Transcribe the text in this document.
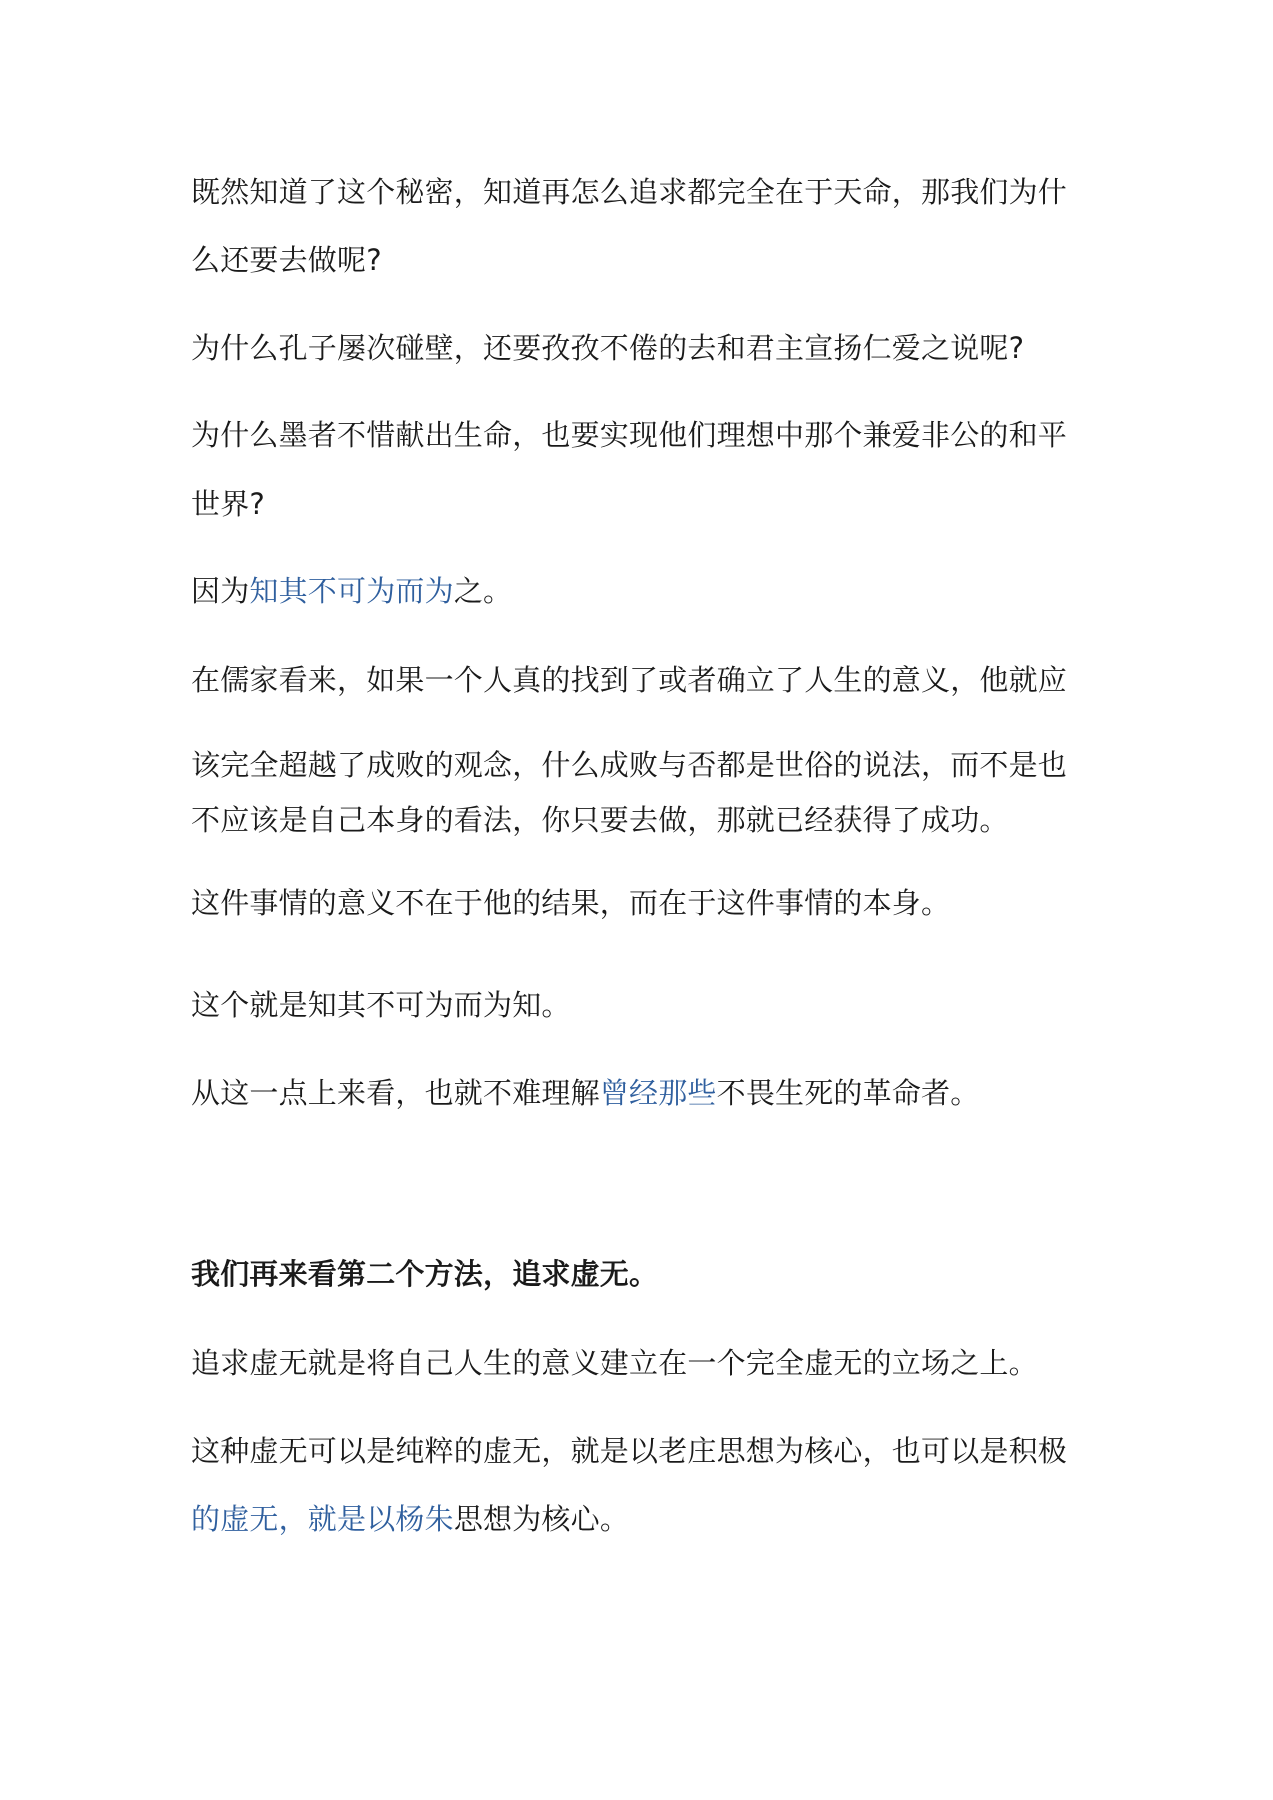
既然知道了这个秘密，知道再怎么追求都完全在于天命，那我们为什
么还要去做呢?
为什么孔子屡次碰壁，还要孜孜不倦的去和君主宣扬仁爱之说呢?
为什么墨者不惜献出生命，也要实现他们理想中那个兼爱非公的和平
世界?
因为知其不可为而为之。
在儒家看来，如果一个人真的找到了或者确立了人生的意义，他就应
该完全超越了成败的观念，什么成败与否都是世俗的说法，而不是也
不应该是自己本身的看法，你只要去做，那就已经获得了成功。
这件事情的意义不在于他的结果，而在于这件事情的本身。
这个就是知其不可为而为知。
从这一点上来看，也就不难理解曾经那些不畏生死的革命者。
我们再来看第二个方法，追求虚无。
追求虚无就是将自己人生的意义建立在一个完全虚无的立场之上。
这种虚无可以是纯粹的虚无，就是以老庄思想为核心，也可以是积极
的虚无，就是以杨朱思想为核心。
